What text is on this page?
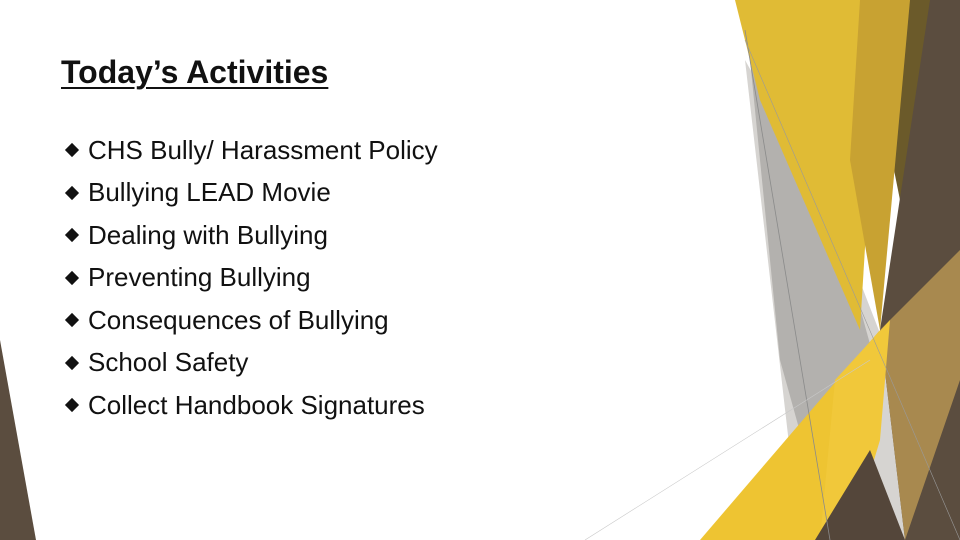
Today’s Activities
CHS Bully/ Harassment Policy
Bullying LEAD Movie
Dealing with Bullying
Preventing Bullying
Consequences of Bullying
School Safety
Collect Handbook Signatures
